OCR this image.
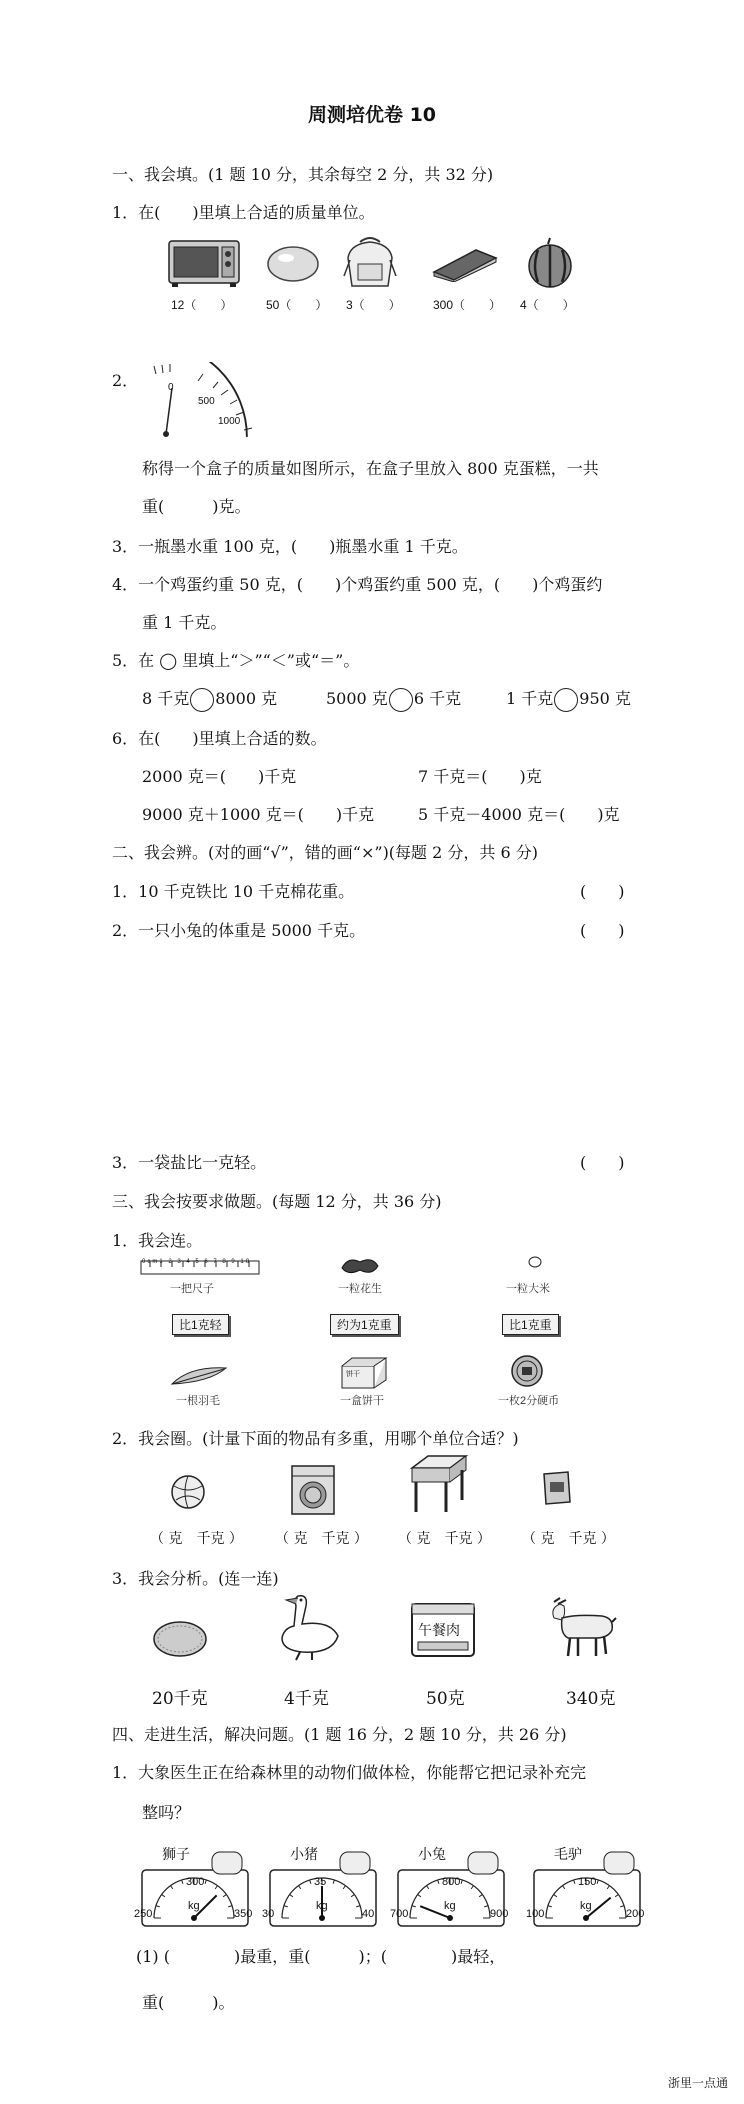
周测培优卷 10
一、我会填。(1 题 10 分，其余每空 2 分，共 32 分)
1．在(　　)里填上合适的质量单位。
12（　　）	50（　　） 3（　　）	300（　　） 4（　　）
2．	0
500
1000
称得一个盒子的质量如图所示，在盒子里放入 800 克蛋糕，一共
重(　　　)克。
3．一瓶墨水重 100 克，(　　)瓶墨水重 1 千克。
4．一个鸡蛋约重 50 克，(　　)个鸡蛋约重 500 克，(　　)个鸡蛋约
重 1 千克。
5．在 ◯ 里填上“＞”“＜”或“＝”。
8 千克 8000 克	5000 克 6 千克	1 千克 950 克
6．在(　　)里填上合适的数。
2000 克＝(　　)千克	7 千克＝(　　)克
9000 克＋1000 克＝(　　)千克	5 千克－4000 克＝(　　)克
二、我会辨。(对的画“√”，错的画“×”)(每题 2 分，共 6 分)
1．10 千克铁比 10 千克棉花重。	(　　)
2．一只小兔的体重是 5000 千克。	(　　)
3．一袋盐比一克轻。	(　　)
三、我会按要求做题。(每题 12 分，共 36 分)
1．我会连。
0cm1 2 3 4 5 6 7 8 9 10
一把尺子	一粒花生	一粒大米
比1克轻	约为1克重	比1克重
饼干
一根羽毛	一盒饼干	一枚2分硬币
2．我会圈。(计量下面的物品有多重，用哪个单位合适？)
（ 克　千克 ） （ 克　千克 ） （ 克　千克 ） （ 克　千克 ）
3．我会分析。(连一连)
午餐肉
20千克	4千克	50克	340克
四、走进生活，解决问题。(1 题 16 分，2 题 10 分，共 26 分)
1．大象医生正在给森林里的动物们做体检，你能帮它把记录补充完
整吗？
狮子
300
250	350
kg
小猪
35
30	40
kg
小兔
800
700	900
kg
毛驴
150
100	200
kg
(1) (　　　　)最重，重(　　　)；(　　　　)最轻，
重(　　　)。
浙里一点通
